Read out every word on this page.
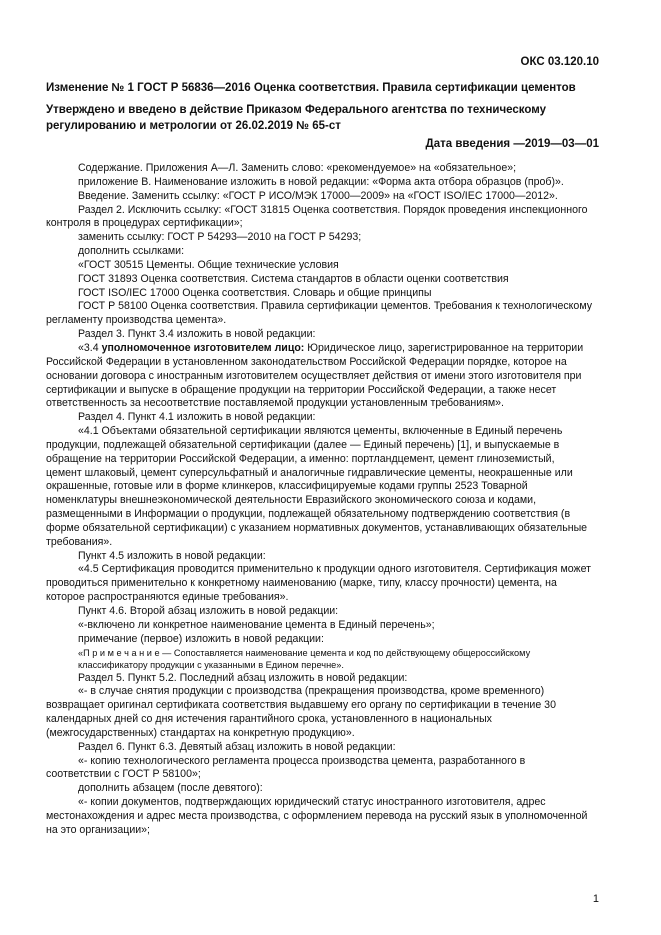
ОКС 03.120.10
Изменение № 1 ГОСТ Р 56836—2016 Оценка соответствия. Правила сертификации цементов
Утверждено и введено в действие Приказом Федерального агентства по техническому регулированию и метрологии от 26.02.2019 № 65-ст
Дата введения —2019—03—01

Содержание. Приложения А—Л. Заменить слово: «рекомендуемое» на «обязательное»;

приложение В. Наименование изложить в новой редакции: «Форма акта отбора образцов (проб)».

Введение. Заменить ссылку: «ГОСТ Р ИСО/МЭК 17000—2009» на «ГОСТ ISO/IEC 17000—2012».

Раздел 2. Исключить ссылку: «ГОСТ 31815 Оценка соответствия. Порядок проведения инспекционного контроля в процедурах сертификации»;

заменить ссылку: ГОСТ Р 54293—2010 на ГОСТ Р 54293;

дополнить ссылками:

«ГОСТ 30515 Цементы. Общие технические условия

ГОСТ 31893 Оценка соответствия. Система стандартов в области оценки соответствия

ГОСТ ISO/IEC 17000 Оценка соответствия. Словарь и общие принципы

ГОСТ Р 58100 Оценка соответствия. Правила сертификации цементов. Требования к технологическому регламенту производства цемента».

Раздел 3. Пункт 3.4 изложить в новой редакции:

«3.4 уполномоченное изготовителем лицо: Юридическое лицо, зарегистрированное на территории Российской Федерации в установленном законодательством Российской Федерации порядке, которое на основании договора с иностранным изготовителем осуществляет действия от имени этого изготовителя при сертификации и выпуске в обращение продукции на территории Российской Федерации, а также несет ответственность за несоответствие поставляемой продукции установленным требованиям».

Раздел 4. Пункт 4.1 изложить в новой редакции:

«4.1 Объектами обязательной сертификации являются цементы, включенные в Единый перечень продукции, подлежащей обязательной сертификации (далее — Единый перечень) [1], и выпускаемые в обращение на территории Российской Федерации, а именно: портландцемент, цемент глиноземистый, цемент шлаковый, цемент суперсульфатный и аналогичные гидравлические цементы, неокрашенные или окрашенные, готовые или в форме клинкеров, классифицируемые кодами группы 2523 Товарной номенклатуры внешнеэкономической деятельности Евразийского экономического союза и кодами, размещенными в Информации о продукции, подлежащей обязательному подтверждению соответствия (в форме обязательной сертификации) с указанием нормативных документов, устанавливающих обязательные требования».

Пункт 4.5 изложить в новой редакции:

«4.5 Сертификация проводится применительно к продукции одного изготовителя. Сертификация может проводиться применительно к конкретному наименованию (марке, типу, классу прочности) цемента, на которое распространяются единые требования».

Пункт 4.6. Второй абзац изложить в новой редакции:

«-включено ли конкретное наименование цемента в Единый перечень»;

примечание (первое) изложить в новой редакции:

«П р и м е ч а н и е — Сопоставляется наименование цемента и код по действующему общероссийскому классификатору продукции с указанными в Едином перечне».

Раздел 5. Пункт 5.2. Последний абзац изложить в новой редакции:

«- в случае снятия продукции с производства (прекращения производства, кроме временного) возвращает оригинал сертификата соответствия выдавшему его органу по сертификации в течение 30 календарных дней со дня истечения гарантийного срока, установленного в национальных (межгосударственных) стандартах на конкретную продукцию».

Раздел 6. Пункт 6.3. Девятый абзац изложить в новой редакции:

«- копию технологического регламента процесса производства цемента, разработанного в соответствии с ГОСТ Р 58100»;

дополнить абзацем (после девятого):

«- копии документов, подтверждающих юридический статус иностранного изготовителя, адрес местонахождения и адрес места производства, с оформлением перевода на русский язык в уполномоченной на это организации»;

1
